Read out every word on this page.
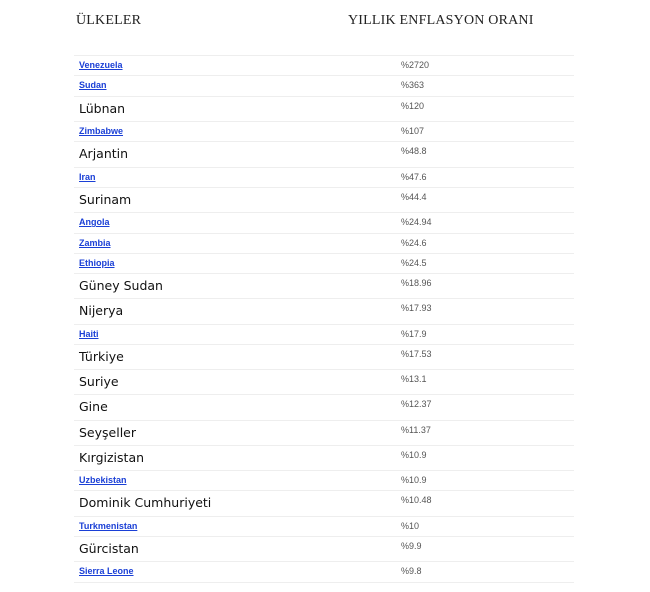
ÜLKELER	YILLIK ENFLASYON ORANI
Venezuela	%2720
Sudan	%363
Lübnan	%120
Zimbabwe	%107
Arjantin	%48.8
Iran	%47.6
Surinam	%44.4
Angola	%24.94
Zambia	%24.6
Ethiopia	%24.5
Güney Sudan	%18.96
Nijerya	%17.93
Haiti	%17.9
Türkiye	%17.53
Suriye	%13.1
Gine	%12.37
Seyşeller	%11.37
Kırgizistan	%10.9
Uzbekistan	%10.9
Dominik Cumhuriyeti	%10.48
Turkmenistan	%10
Gürcistan	%9.9
Sierra Leone	%9.8
